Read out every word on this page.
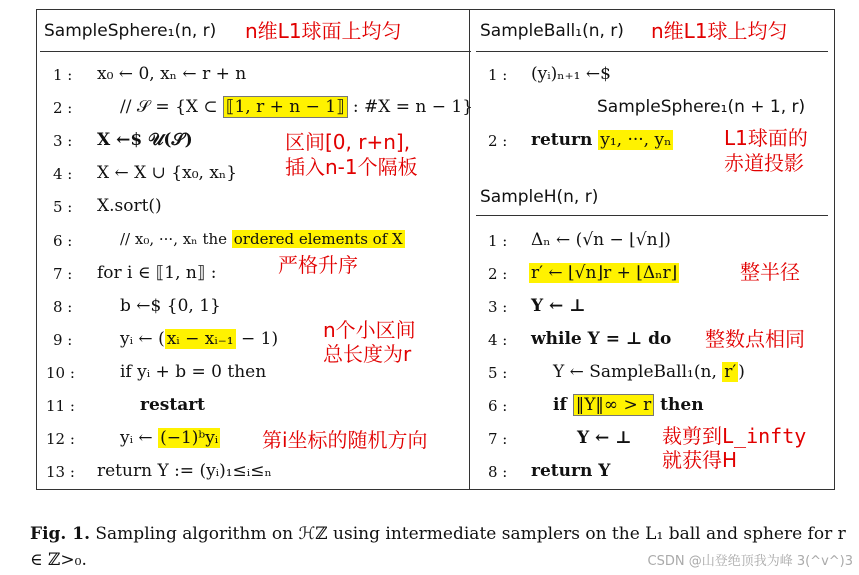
SampleSphere₁(n, r) n维L1球面上均匀
1 : x₀ ← 0, xₙ ← r + n
2 :	// 𝒮 = {X ⊂ ⟦1, r + n − 1⟧ : #X = n − 1}
3 : X ←$ 𝒰(𝒮)
4 : X ← X ∪ {x₀, xₙ}
5 : X.sort()
6 :	// x₀, ···, xₙ the ordered elements of X
7 : for i ∈ ⟦1, n⟧ :
8 :	b ←$ {0, 1}
9 :	yᵢ ← ( xᵢ − xᵢ₋₁ − 1)
10 :	if yᵢ + b = 0 then
11 :	restart
12 :	yᵢ ← (−1)ᵇyᵢ
13 : return Y := (yᵢ)₁≤ᵢ≤ₙ
区间[0, r+n],
插入n-1个隔板
严格升序
n个小区间
总长度为r
第i坐标的随机方向
SampleBall₁(n, r) n维L1球上均匀
1 : (yᵢ)ₙ₊₁ ←$
SampleSphere₁(n + 1, r)
2 : return y₁, ···, yₙ	L1球面的
赤道投影
SampleH(n, r)
1 : Δₙ ← (√n − ⌊√n⌋)
2 : r′ ← ⌊√n⌋r + ⌊Δₙr⌋	整半径
3 : Y ← ⊥
4 : while Y = ⊥ do 整数点相同
5 :	Y ← SampleBall₁(n, r′ )
6 :	if ‖Y‖∞ > r then
7 :	Y ← ⊥ 裁剪到L_infty
就获得H
8 : return Y
Fig. 1. Sampling algorithm on ℋℤ using intermediate samplers on the L₁ ball and sphere for r ∈ ℤ>₀.	CSDN @山登绝顶我为峰 3(^v^)3
